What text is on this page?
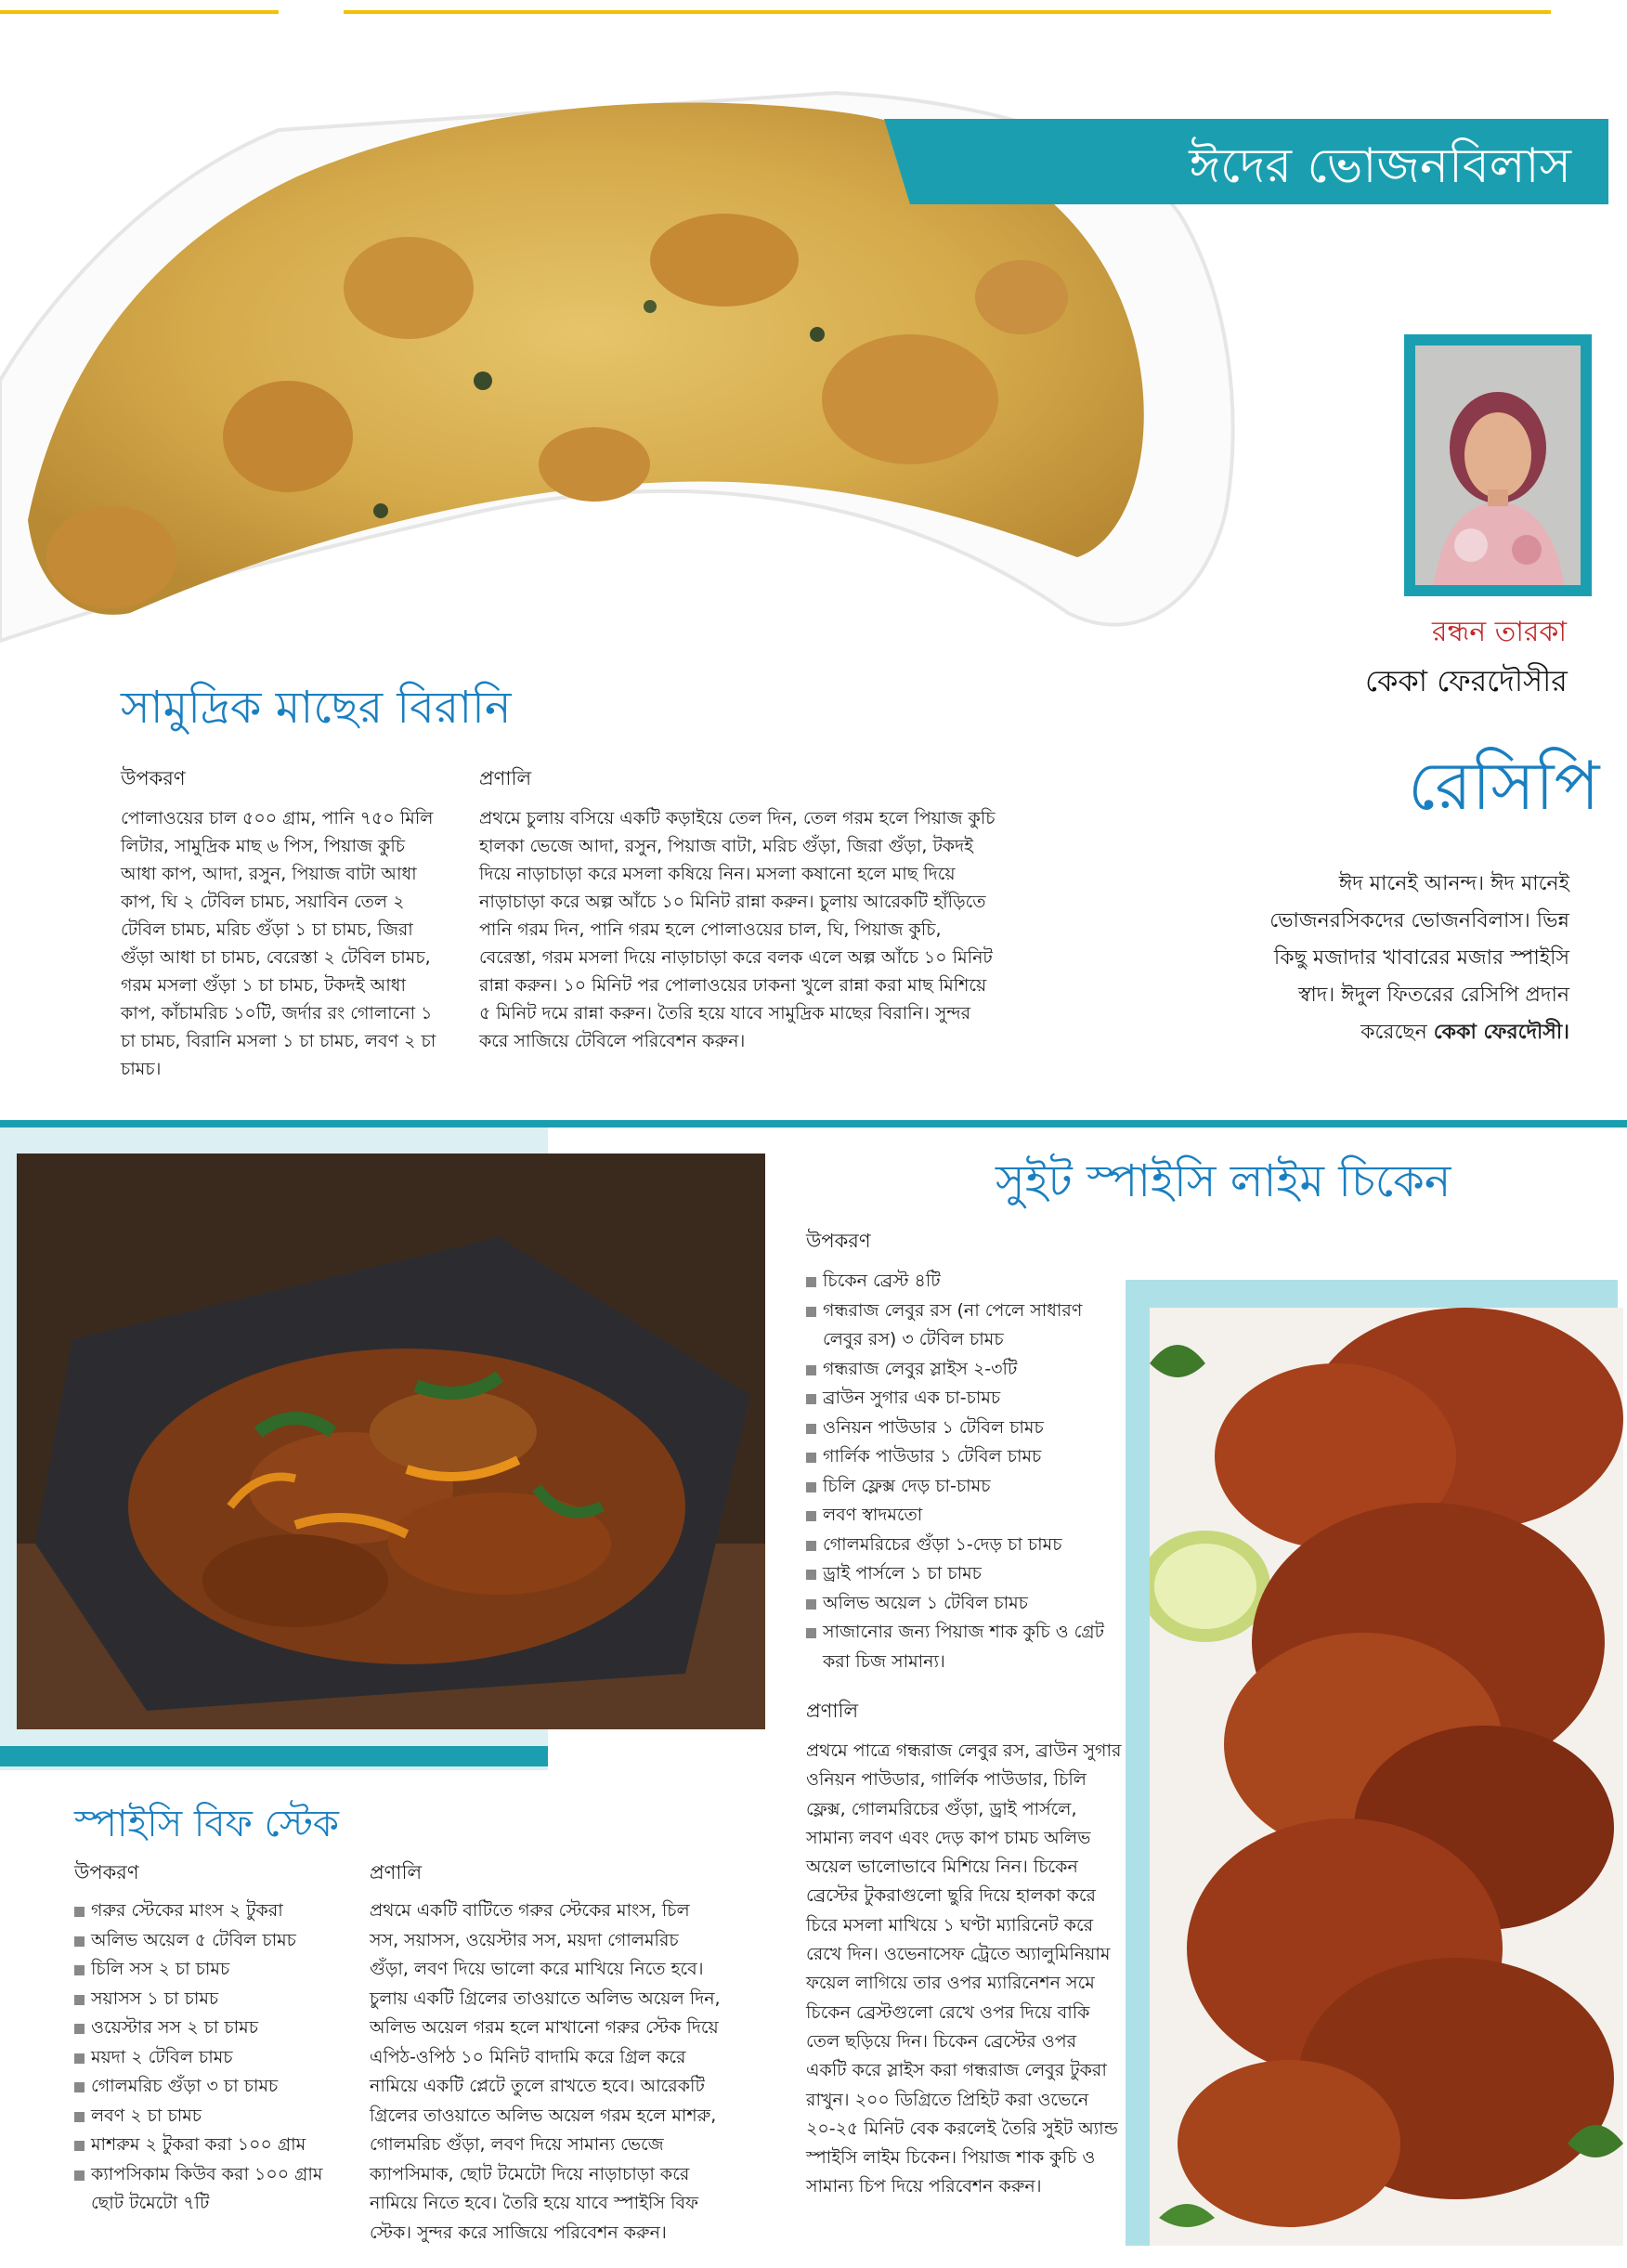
ঈদের ভোজনবিলাস
রন্ধন তারকা
কেকা ফেরদৌসীর
রেসিপি
ঈদ মানেই আনন্দ। ঈদ মানেই ভোজনরসিকদের ভোজনবিলাস। ভিন্ন কিছু মজাদার খাবারের মজার স্পাইসি স্বাদ। ঈদুল ফিতরের রেসিপি প্রদান করেছেন কেকা ফেরদৌসী।
সামুদ্রিক মাছের বিরানি
উপকরণ
পোলাওয়ের চাল ৫০০ গ্রাম, পানি ৭৫০ মিলি লিটার, সামুদ্রিক মাছ ৬ পিস, পিয়াজ কুচি আধা কাপ, আদা, রসুন, পিয়াজ বাটা আধা কাপ, ঘি ২ টেবিল চামচ, সয়াবিন তেল ২ টেবিল চামচ, মরিচ গুঁড়া ১ চা চামচ, জিরা গুঁড়া আধা চা চামচ, বেরেস্তা ২ টেবিল চামচ, গরম মসলা গুঁড়া ১ চা চামচ, টকদই আধা কাপ, কাঁচামরিচ ১০টি, জর্দার রং গোলানো ১ চা চামচ, বিরানি মসলা ১ চা চামচ, লবণ ২ চা চামচ।
প্রণালি
প্রথমে চুলায় বসিয়ে একটি কড়াইয়ে তেল দিন, তেল গরম হলে পিয়াজ কুচি হালকা ভেজে আদা, রসুন, পিয়াজ বাটা, মরিচ গুঁড়া, জিরা গুঁড়া, টকদই দিয়ে নাড়াচাড়া করে মসলা কষিয়ে নিন। মসলা কষানো হলে মাছ দিয়ে নাড়াচাড়া করে অল্প আঁচে ১০ মিনিট রান্না করুন। চুলায় আরেকটি হাঁড়িতে পানি গরম দিন, পানি গরম হলে পোলাওয়ের চাল, ঘি, পিয়াজ কুচি, বেরেস্তা, গরম মসলা দিয়ে নাড়াচাড়া করে বলক এলে অল্প আঁচে ১০ মিনিট রান্না করুন। ১০ মিনিট পর পোলাওয়ের ঢাকনা খুলে রান্না করা মাছ মিশিয়ে ৫ মিনিট দমে রান্না করুন। তৈরি হয়ে যাবে সামুদ্রিক মাছের বিরানি। সুন্দর করে সাজিয়ে টেবিলে পরিবেশন করুন।
সুইট স্পাইসি লাইম চিকেন
উপকরণ
চিকেন ব্রেস্ট ৪টি
গন্ধরাজ লেবুর রস (না পেলে সাধারণ লেবুর রস) ৩ টেবিল চামচ
গন্ধরাজ লেবুর স্লাইস ২-৩টি
ব্রাউন সুগার এক চা-চামচ
ওনিয়ন পাউডার ১ টেবিল চামচ
গার্লিক পাউডার ১ টেবিল চামচ
চিলি ফ্লেক্স দেড় চা-চামচ
লবণ স্বাদমতো
গোলমরিচের গুঁড়া ১-দেড় চা চামচ
ড্রাই পার্সলে ১ চা চামচ
অলিভ অয়েল ১ টেবিল চামচ
সাজানোর জন্য পিয়াজ শাক কুচি ও গ্রেট করা চিজ সামান্য।
প্রণালি
প্রথমে পাত্রে গন্ধরাজ লেবুর রস, ব্রাউন সুগার ওনিয়ন পাউডার, গার্লিক পাউডার, চিলি ফ্লেক্স, গোলমরিচের গুঁড়া, ড্রাই পার্সলে, সামান্য লবণ এবং দেড় কাপ চামচ অলিভ অয়েল ভালোভাবে মিশিয়ে নিন। চিকেন ব্রেস্টের টুকরাগুলো ছুরি দিয়ে হালকা করে চিরে মসলা মাখিয়ে ১ ঘণ্টা ম্যারিনেট করে রেখে দিন। ওভেনাসেফ ট্রেতে অ্যালুমিনিয়াম ফয়েল লাগিয়ে তার ওপর ম্যারিনেশন সমে চিকেন ব্রেস্টগুলো রেখে ওপর দিয়ে বাকি তেল ছড়িয়ে দিন। চিকেন ব্রেস্টের ওপর একটি করে স্লাইস করা গন্ধরাজ লেবুর টুকরা রাখুন। ২০০ ডিগ্রিতে প্রিহিট করা ওভেনে ২০-২৫ মিনিট বেক করলেই তৈরি সুইট অ্যান্ড স্পাইসি লাইম চিকেন। পিয়াজ শাক কুচি ও সামান্য চিপ দিয়ে পরিবেশন করুন।
স্পাইসি বিফ স্টেক
উপকরণ
গরুর স্টেকের মাংস ২ টুকরা
অলিভ অয়েল ৫ টেবিল চামচ
চিলি সস ২ চা চামচ
সয়াসস ১ চা চামচ
ওয়েস্টার সস ২ চা চামচ
ময়দা ২ টেবিল চামচ
গোলমরিচ গুঁড়া ৩ চা চামচ
লবণ ২ চা চামচ
মাশরুম ২ টুকরা করা ১০০ গ্রাম
ক্যাপসিকাম কিউব করা ১০০ গ্রাম ছোট টমেটো ৭টি
প্রণালি
প্রথমে একটি বাটিতে গরুর স্টেকের মাংস, চিল সস, সয়াসস, ওয়েস্টার সস, ময়দা গোলমরিচ গুঁড়া, লবণ দিয়ে ভালো করে মাখিয়ে নিতে হবে। চুলায় একটি গ্রিলের তাওয়াতে অলিভ অয়েল দিন, অলিভ অয়েল গরম হলে মাখানো গরুর স্টেক দিয়ে এপিঠ-ওপিঠ ১০ মিনিট বাদামি করে গ্রিল করে নামিয়ে একটি প্লেটে তুলে রাখতে হবে। আরেকটি গ্রিলের তাওয়াতে অলিভ অয়েল গরম হলে মাশরু, গোলমরিচ গুঁড়া, লবণ দিয়ে সামান্য ভেজে ক্যাপসিমাক, ছোট টমেটো দিয়ে নাড়াচাড়া করে নামিয়ে নিতে হবে। তৈরি হয়ে যাবে স্পাইসি বিফ স্টেক। সুন্দর করে সাজিয়ে পরিবেশন করুন।
